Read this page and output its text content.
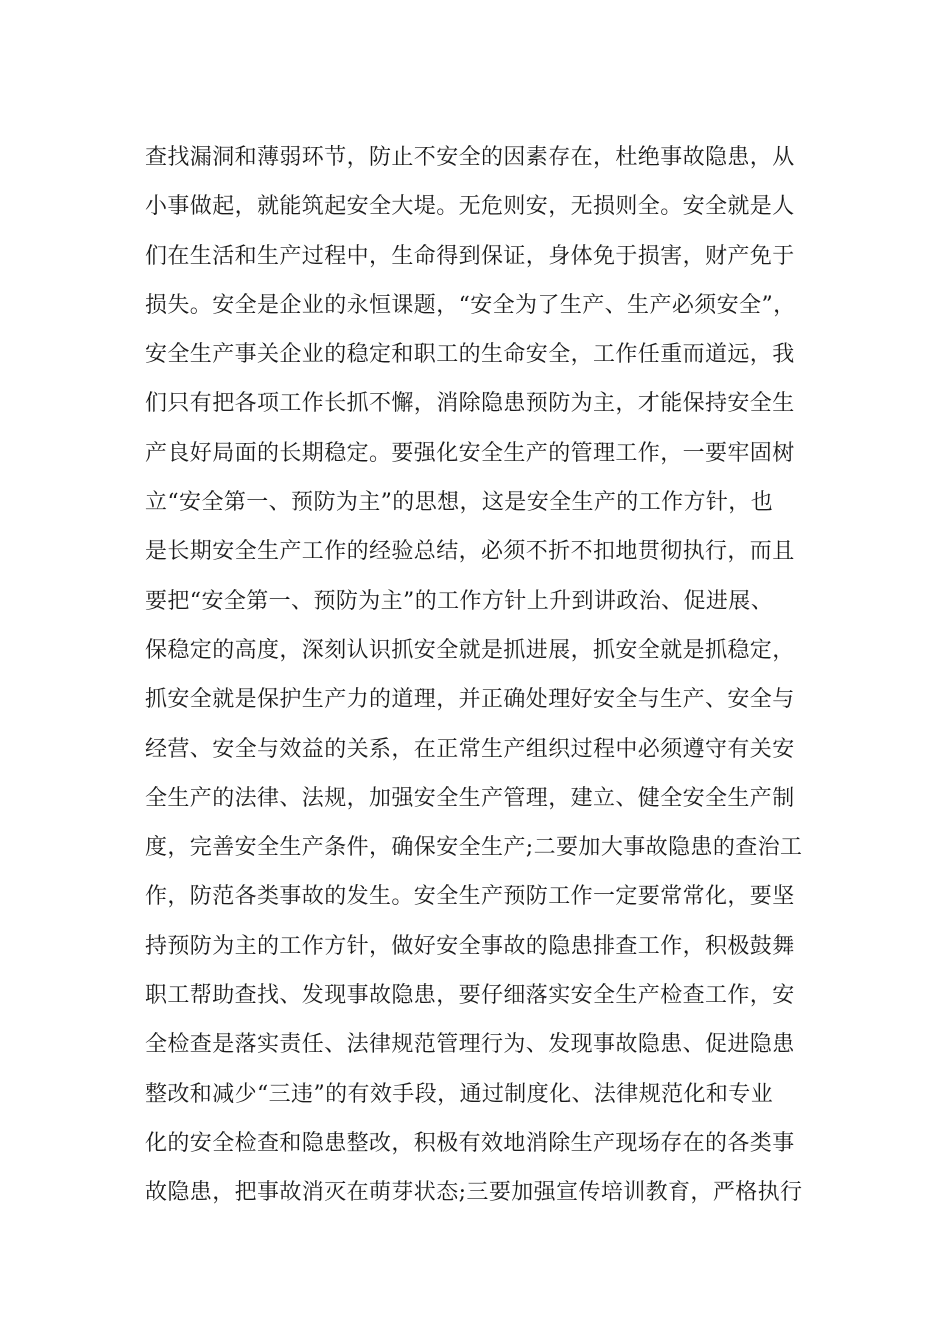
查找漏洞和薄弱环节，防止不安全的因素存在，杜绝事故隐患，从
小事做起，就能筑起安全大堤。无危则安，无损则全。安全就是人
们在生活和生产过程中，生命得到保证，身体免于损害，财产免于
损失。安全是企业的永恒课题，“安全为了生产、生产必须安全”，
安全生产事关企业的稳定和职工的生命安全，工作任重而道远，我
们只有把各项工作长抓不懈，消除隐患预防为主，才能保持安全生
产良好局面的长期稳定。要强化安全生产的管理工作，一要牢固树
立“安全第一、预防为主”的思想，这是安全生产的工作方针，也
是长期安全生产工作的经验总结，必须不折不扣地贯彻执行，而且
要把“安全第一、预防为主”的工作方针上升到讲政治、促进展、
保稳定的高度，深刻认识抓安全就是抓进展，抓安全就是抓稳定，
抓安全就是保护生产力的道理，并正确处理好安全与生产、安全与
经营、安全与效益的关系，在正常生产组织过程中必须遵守有关安
全生产的法律、法规，加强安全生产管理，建立、健全安全生产制
度，完善安全生产条件，确保安全生产;二要加大事故隐患的查治工
作，防范各类事故的发生。安全生产预防工作一定要常常化，要坚
持预防为主的工作方针，做好安全事故的隐患排查工作，积极鼓舞
职工帮助查找、发现事故隐患，要仔细落实安全生产检查工作，安
全检查是落实责任、法律规范管理行为、发现事故隐患、促进隐患
整改和减少“三违”的有效手段，通过制度化、法律规范化和专业
化的安全检查和隐患整改，积极有效地消除生产现场存在的各类事
故隐患，把事故消灭在萌芽状态;三要加强宣传培训教育，严格执行
